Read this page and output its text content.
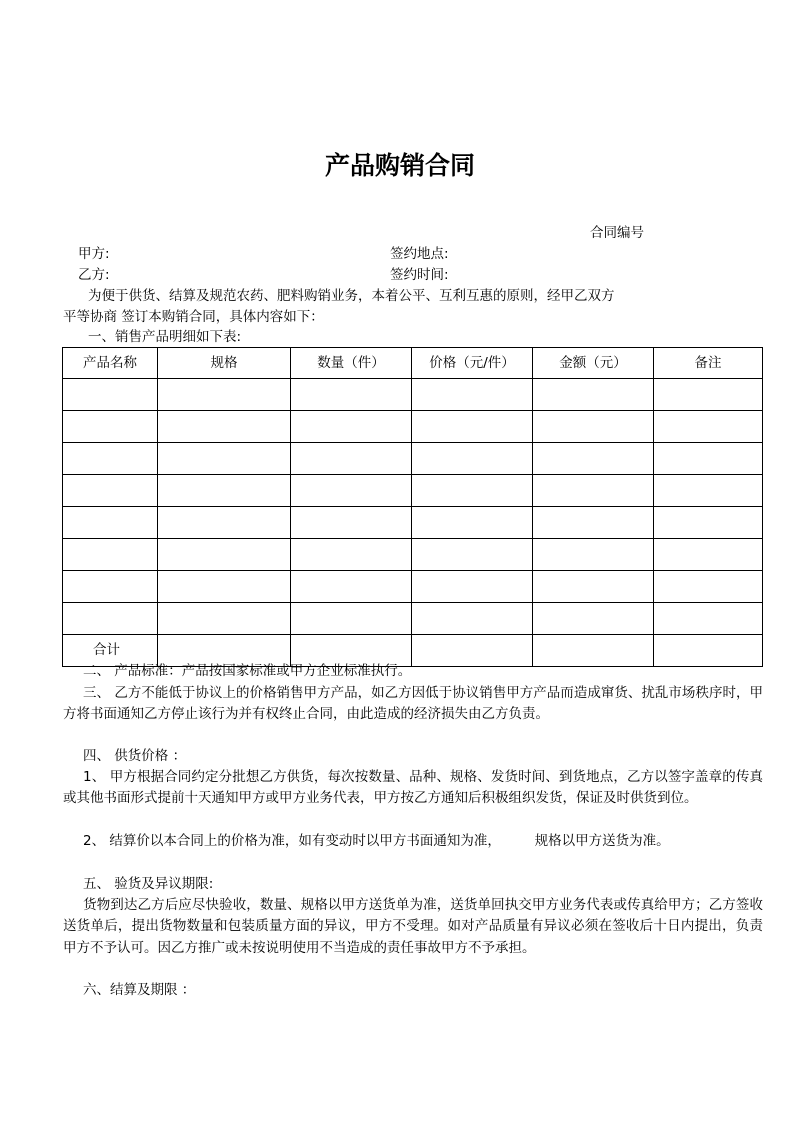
产品购销合同
合同编号
甲方:	签约地点:
乙方:	签约时间:
为便于供货、结算及规范农药、肥料购销业务，本着公平、互利互惠的原则，经甲乙双方
平等协商 签订本购销合同，具体内容如下：
一、销售产品明细如下表:
产品名称	规格	数量（件）	价格（元/件）	金额（元）	备注

合计					
二、 产品标准：产品按国家标准或甲方企业标准执行。
三、 乙方不能低于协议上的价格销售甲方产品，如乙方因低于协议销售甲方产品而造成窜货、扰乱市场秩序时，甲方将书面通知乙方停止该行为并有权终止合同，由此造成的经济损失由乙方负责。
四、 供货价格 ：
1、 甲方根据合同约定分批想乙方供货，每次按数量、品种、规格、发货时间、到货地点，乙方以签字盖章的传真或其他书面形式提前十天通知甲方或甲方业务代表，甲方按乙方通知后积极组织发货，保证及时供货到位。
2、 结算价以本合同上的价格为准，如有变动时以甲方书面通知为准，　　　规格以甲方送货为准。
五、 验货及异议期限:
货物到达乙方后应尽快验收，数量、规格以甲方送货单为准，送货单回执交甲方业务代表或传真给甲方；乙方签收送货单后，提出货物数量和包装质量方面的异议，甲方不受理。如对产品质量有异议必须在签收后十日内提出，负责甲方不予认可。因乙方推广或未按说明使用不当造成的责任事故甲方不予承担。
六、结算及期限 ：
